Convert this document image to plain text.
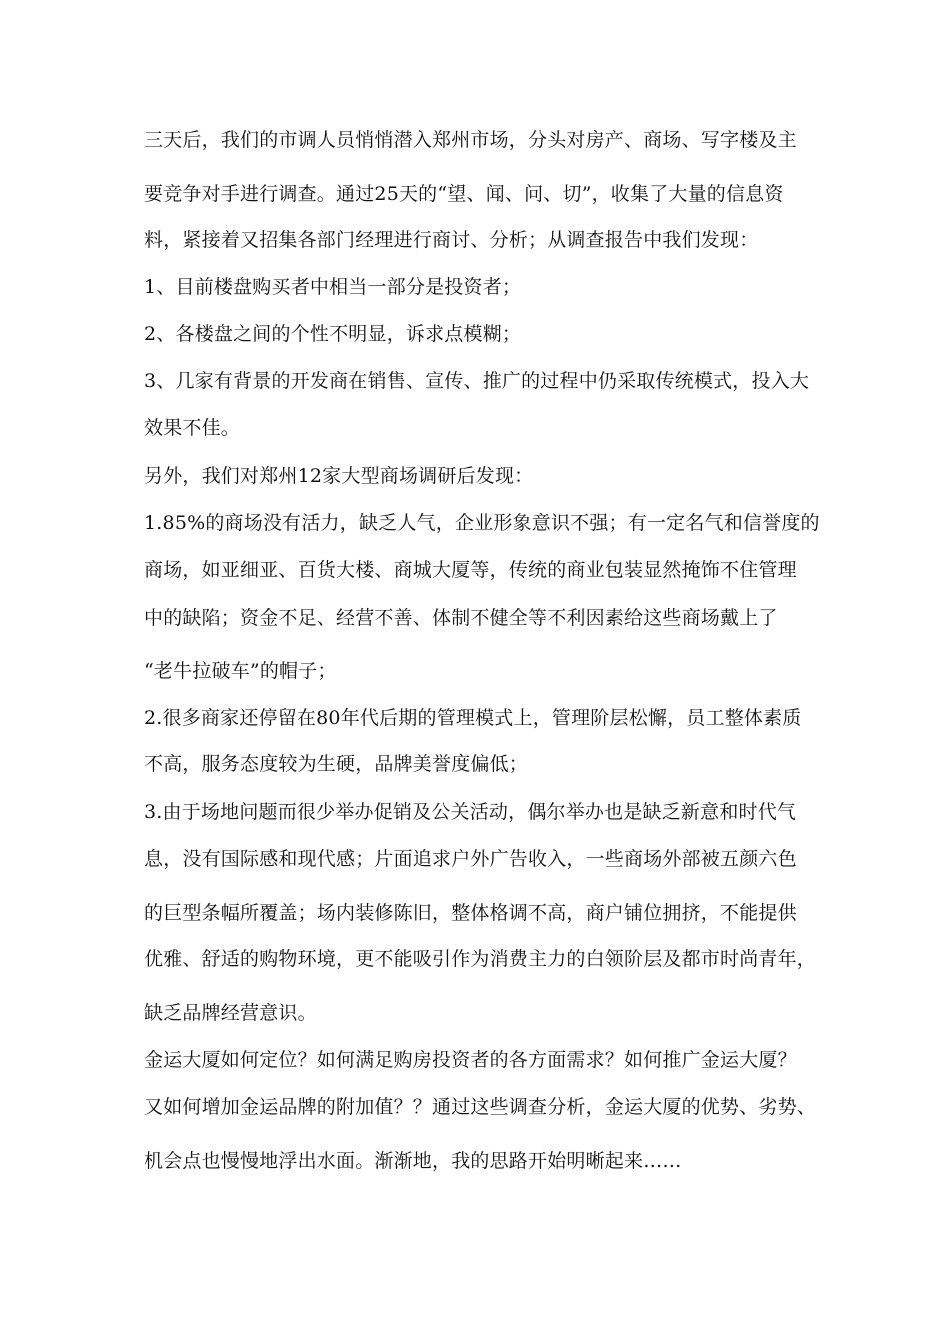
三天后，我们的市调人员悄悄潜入郑州市场，分头对房产、商场、写字楼及主
要竞争对手进行调查。通过25天的“望、闻、问、切”，收集了大量的信息资
料，紧接着又招集各部门经理进行商讨、分析；从调查报告中我们发现：
1、目前楼盘购买者中相当一部分是投资者；
2、各楼盘之间的个性不明显，诉求点模糊；
3、几家有背景的开发商在销售、宣传、推广的过程中仍采取传统模式，投入大
效果不佳。
另外，我们对郑州12家大型商场调研后发现：
1.85%的商场没有活力，缺乏人气，企业形象意识不强；有一定名气和信誉度的
商场，如亚细亚、百货大楼、商城大厦等，传统的商业包装显然掩饰不住管理
中的缺陷；资金不足、经营不善、体制不健全等不利因素给这些商场戴上了
“老牛拉破车”的帽子；
2.很多商家还停留在80年代后期的管理模式上，管理阶层松懈，员工整体素质
不高，服务态度较为生硬，品牌美誉度偏低；
3.由于场地问题而很少举办促销及公关活动，偶尔举办也是缺乏新意和时代气
息，没有国际感和现代感；片面追求户外广告收入，一些商场外部被五颜六色
的巨型条幅所覆盖；场内装修陈旧，整体格调不高，商户铺位拥挤，不能提供
优雅、舒适的购物环境，更不能吸引作为消费主力的白领阶层及都市时尚青年，
缺乏品牌经营意识。
金运大厦如何定位？如何满足购房投资者的各方面需求？如何推广金运大厦？
又如何增加金运品牌的附加值？？通过这些调查分析，金运大厦的优势、劣势、
机会点也慢慢地浮出水面。渐渐地，我的思路开始明晰起来……
